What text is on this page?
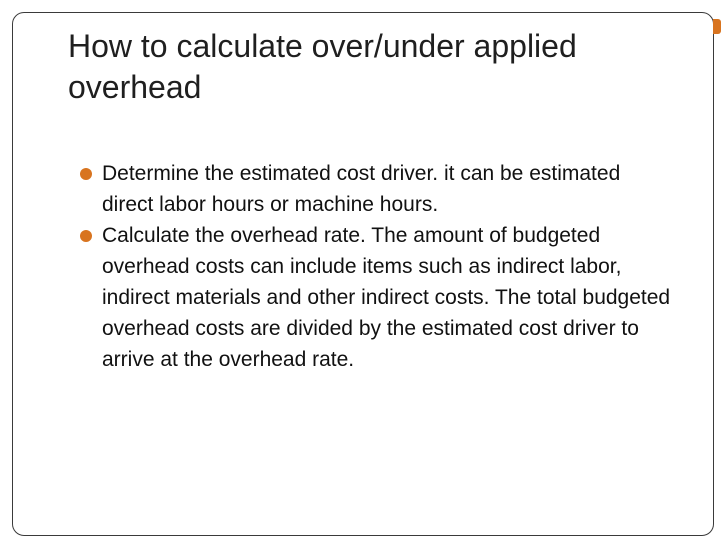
How to calculate over/under applied overhead
Determine the estimated cost driver. it can be estimated direct labor hours or machine hours.
Calculate the overhead rate. The amount of budgeted overhead costs can include items such as indirect labor, indirect materials and other indirect costs. The total budgeted overhead costs are divided by the estimated cost driver to arrive at the overhead rate.
